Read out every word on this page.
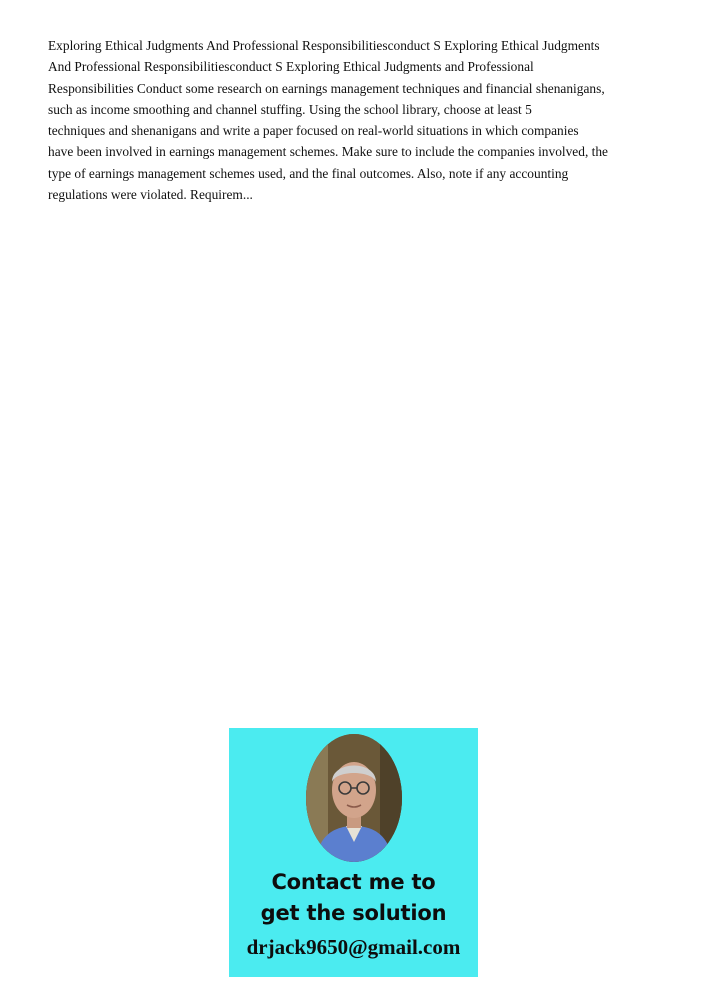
Exploring Ethical Judgments And Professional Responsibilitiesconduct S Exploring Ethical Judgments
And Professional Responsibilitiesconduct S Exploring Ethical Judgments and Professional
Responsibilities Conduct some research on earnings management techniques and financial shenanigans,
such as income smoothing and channel stuffing. Using the school library, choose at least 5
techniques and shenanigans and write a paper focused on real-world situations in which companies
have been involved in earnings management schemes. Make sure to include the companies involved, the
type of earnings management schemes used, and the final outcomes. Also, note if any accounting
regulations were violated. Requirem...

Contact me to
get the solution

drjack9650@gmail.com
